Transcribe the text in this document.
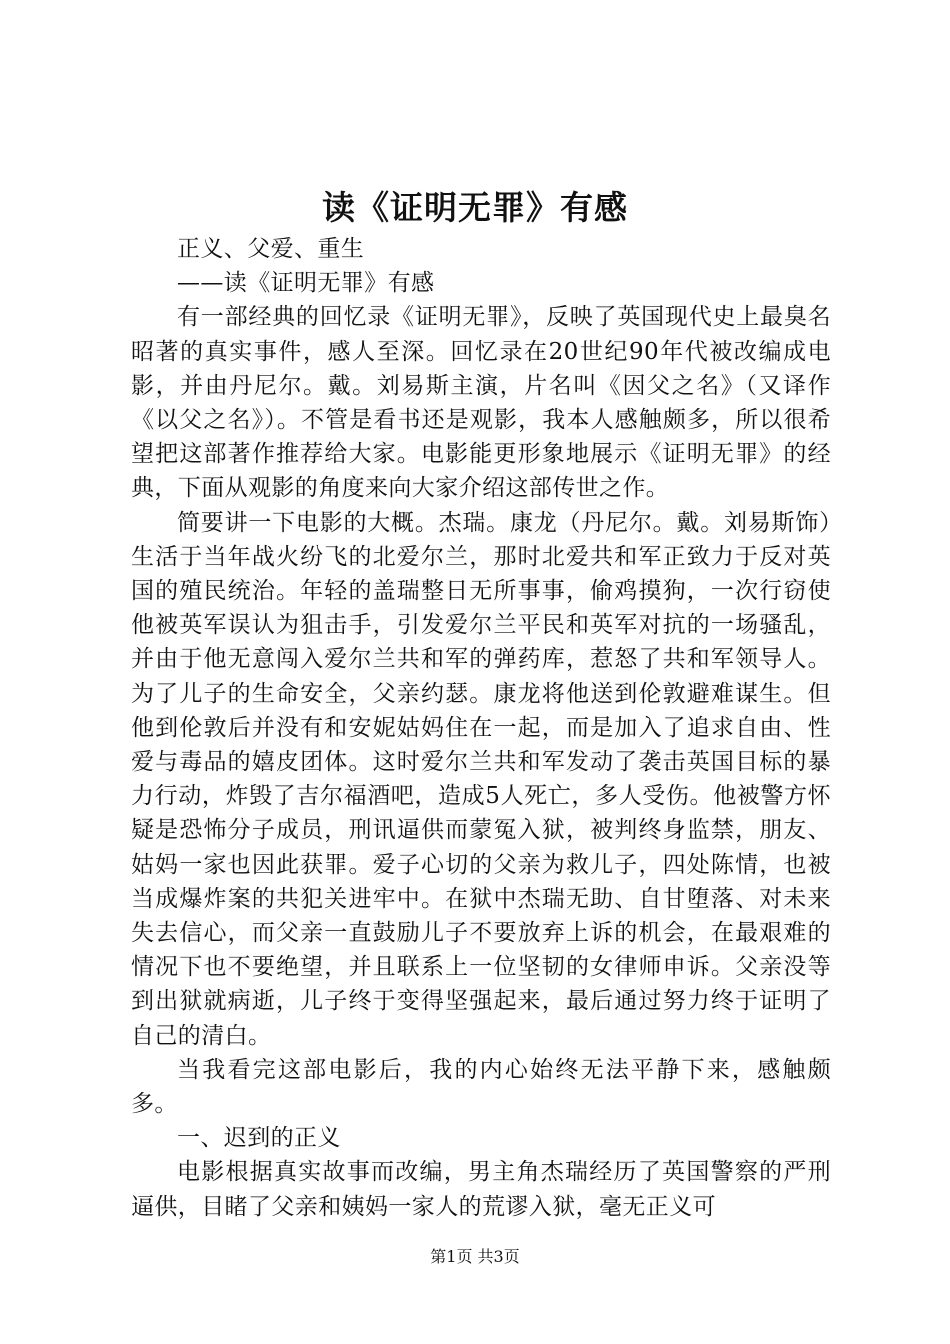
读《证明无罪》有感

正义、父爱、重生

——读《证明无罪》有感

有一部经典的回忆录《证明无罪》，反映了英国现代史上最臭名昭著的真实事件，感人至深。回忆录在20世纪90年代被改编成电影，并由丹尼尔。戴。刘易斯主演，片名叫《因父之名》（又译作《以父之名》）。不管是看书还是观影，我本人感触颇多，所以很希望把这部著作推荐给大家。电影能更形象地展示《证明无罪》的经典，下面从观影的角度来向大家介绍这部传世之作。

简要讲一下电影的大概。杰瑞。康龙（丹尼尔。戴。刘易斯饰）生活于当年战火纷飞的北爱尔兰，那时北爱共和军正致力于反对英国的殖民统治。年轻的盖瑞整日无所事事，偷鸡摸狗，一次行窃使他被英军误认为狙击手，引发爱尔兰平民和英军对抗的一场骚乱，并由于他无意闯入爱尔兰共和军的弹药库，惹怒了共和军领导人。为了儿子的生命安全，父亲约瑟。康龙将他送到伦敦避难谋生。但他到伦敦后并没有和安妮姑妈住在一起，而是加入了追求自由、性爱与毒品的嬉皮团体。这时爱尔兰共和军发动了袭击英国目标的暴力行动，炸毁了吉尔福酒吧，造成5人死亡，多人受伤。他被警方怀疑是恐怖分子成员，刑讯逼供而蒙冤入狱，被判终身监禁，朋友、姑妈一家也因此获罪。爱子心切的父亲为救儿子，四处陈情，也被当成爆炸案的共犯关进牢中。在狱中杰瑞无助、自甘堕落、对未来失去信心，而父亲一直鼓励儿子不要放弃上诉的机会，在最艰难的情况下也不要绝望，并且联系上一位坚韧的女律师申诉。父亲没等到出狱就病逝，儿子终于变得坚强起来，最后通过努力终于证明了自己的清白。

当我看完这部电影后，我的内心始终无法平静下来，感触颇多。

一、迟到的正义

电影根据真实故事而改编，男主角杰瑞经历了英国警察的严刑逼供，目睹了父亲和姨妈一家人的荒谬入狱，毫无正义可

第1页 共3页
